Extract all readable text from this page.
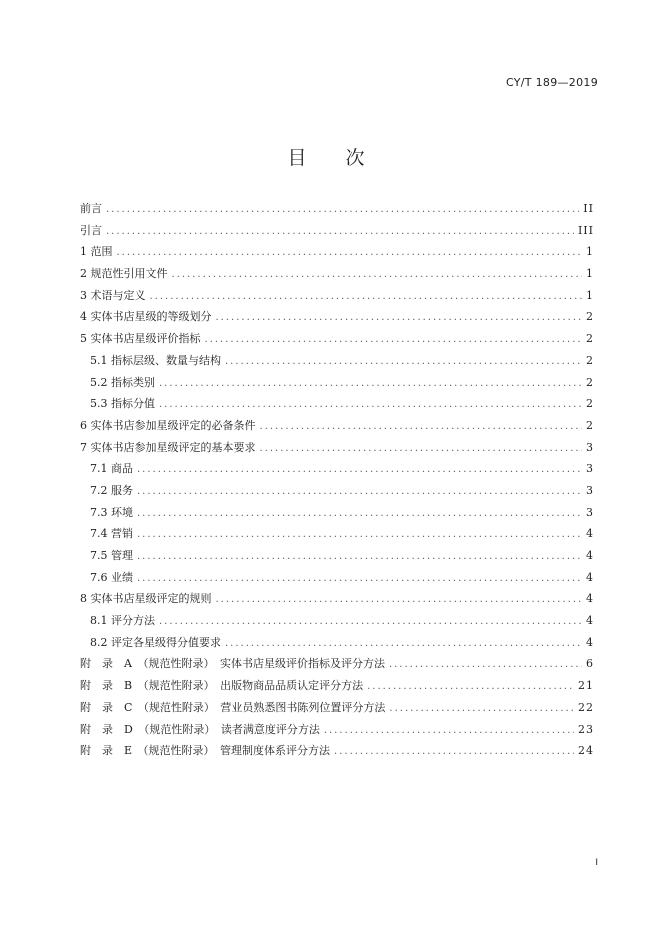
CY/T 189—2019
目　次
前言 .....	II
引言 .....	III
1 范围 .....	1
2 规范性引用文件 .....	1
3 术语与定义 .....	1
4 实体书店星级的等级划分 .....	2
5 实体书店星级评价指标 .....	2
5.1 指标层级、数量与结构 .....	2
5.2 指标类别 .....	2
5.3 指标分值 .....	2
6 实体书店参加星级评定的必备条件 .....	2
7 实体书店参加星级评定的基本要求 .....	3
7.1 商品 .....	3
7.2 服务 .....	3
7.3 环境 .....	3
7.4 营销 .....	4
7.5 管理 .....	4
7.6 业绩 .....	4
8 实体书店星级评定的规则 .....	4
8.1 评分方法 .....	4
8.2 评定各星级得分值要求 .....	4
附　录　A　（规范性附录）　实体书店星级评价指标及评分方法 .....	6
附　录　B　（规范性附录）　出版物商品品质认定评分方法 .....	21
附　录　C　（规范性附录）　营业员熟悉图书陈列位置评分方法 .....	22
附　录　D　（规范性附录）　读者满意度评分方法 .....	23
附　录　E　（规范性附录）　管理制度体系评分方法 .....	24
I
